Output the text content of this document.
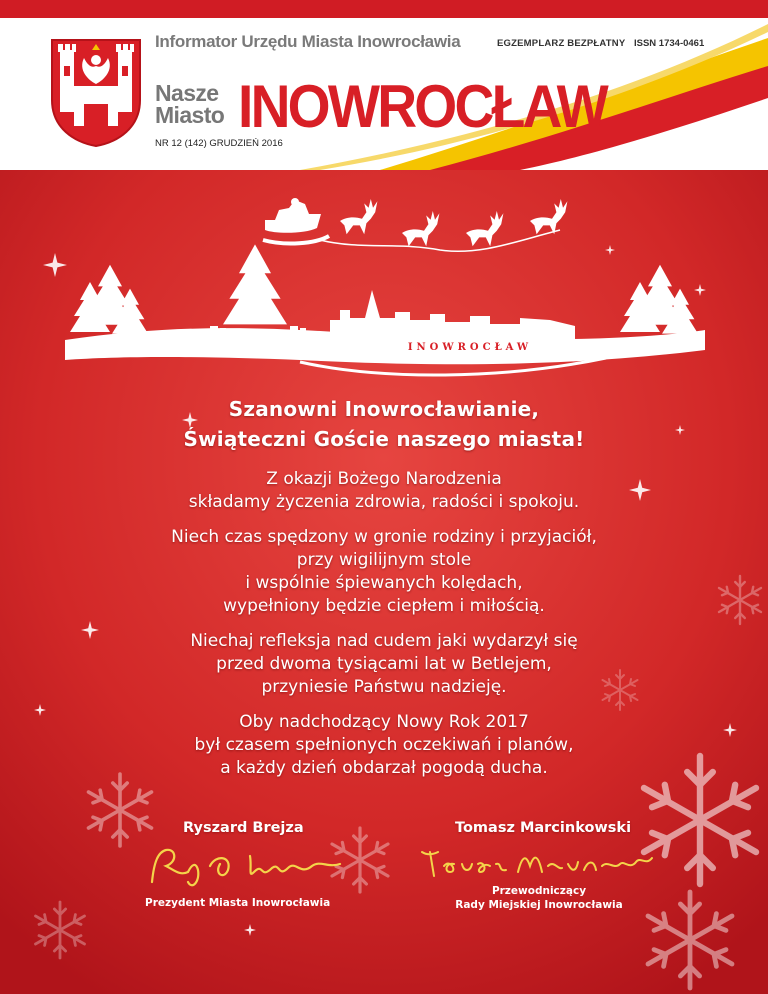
Informator Urzędu Miasta Inowrocławia	EGZEMPLARZ BEZPŁATNY ISSN 1734-0461
Nasze
Miasto INOWROCŁAW
NR 12 (142) GRUDZIEŃ 2016
INOWROCŁAW
Szanowni Inowrocławianie,
Świąteczni Goście naszego miasta!
Z okazji Bożego Narodzenia
składamy życzenia zdrowia, radości i spokoju.
Niech czas spędzony w gronie rodziny i przyjaciół,
przy wigilijnym stole
i wspólnie śpiewanych kolędach,
wypełniony będzie ciepłem i miłością.
Niechaj refleksja nad cudem jaki wydarzył się
przed dwoma tysiącami lat w Betlejem,
przyniesie Państwu nadzieję.
Oby nadchodzący Nowy Rok 2017
był czasem spełnionych oczekiwań i planów,
a każdy dzień obdarzał pogodą ducha.
Ryszard Brejza
Prezydent Miasta Inowrocławia
Tomasz Marcinkowski
Przewodniczący
Rady Miejskiej Inowrocławia
